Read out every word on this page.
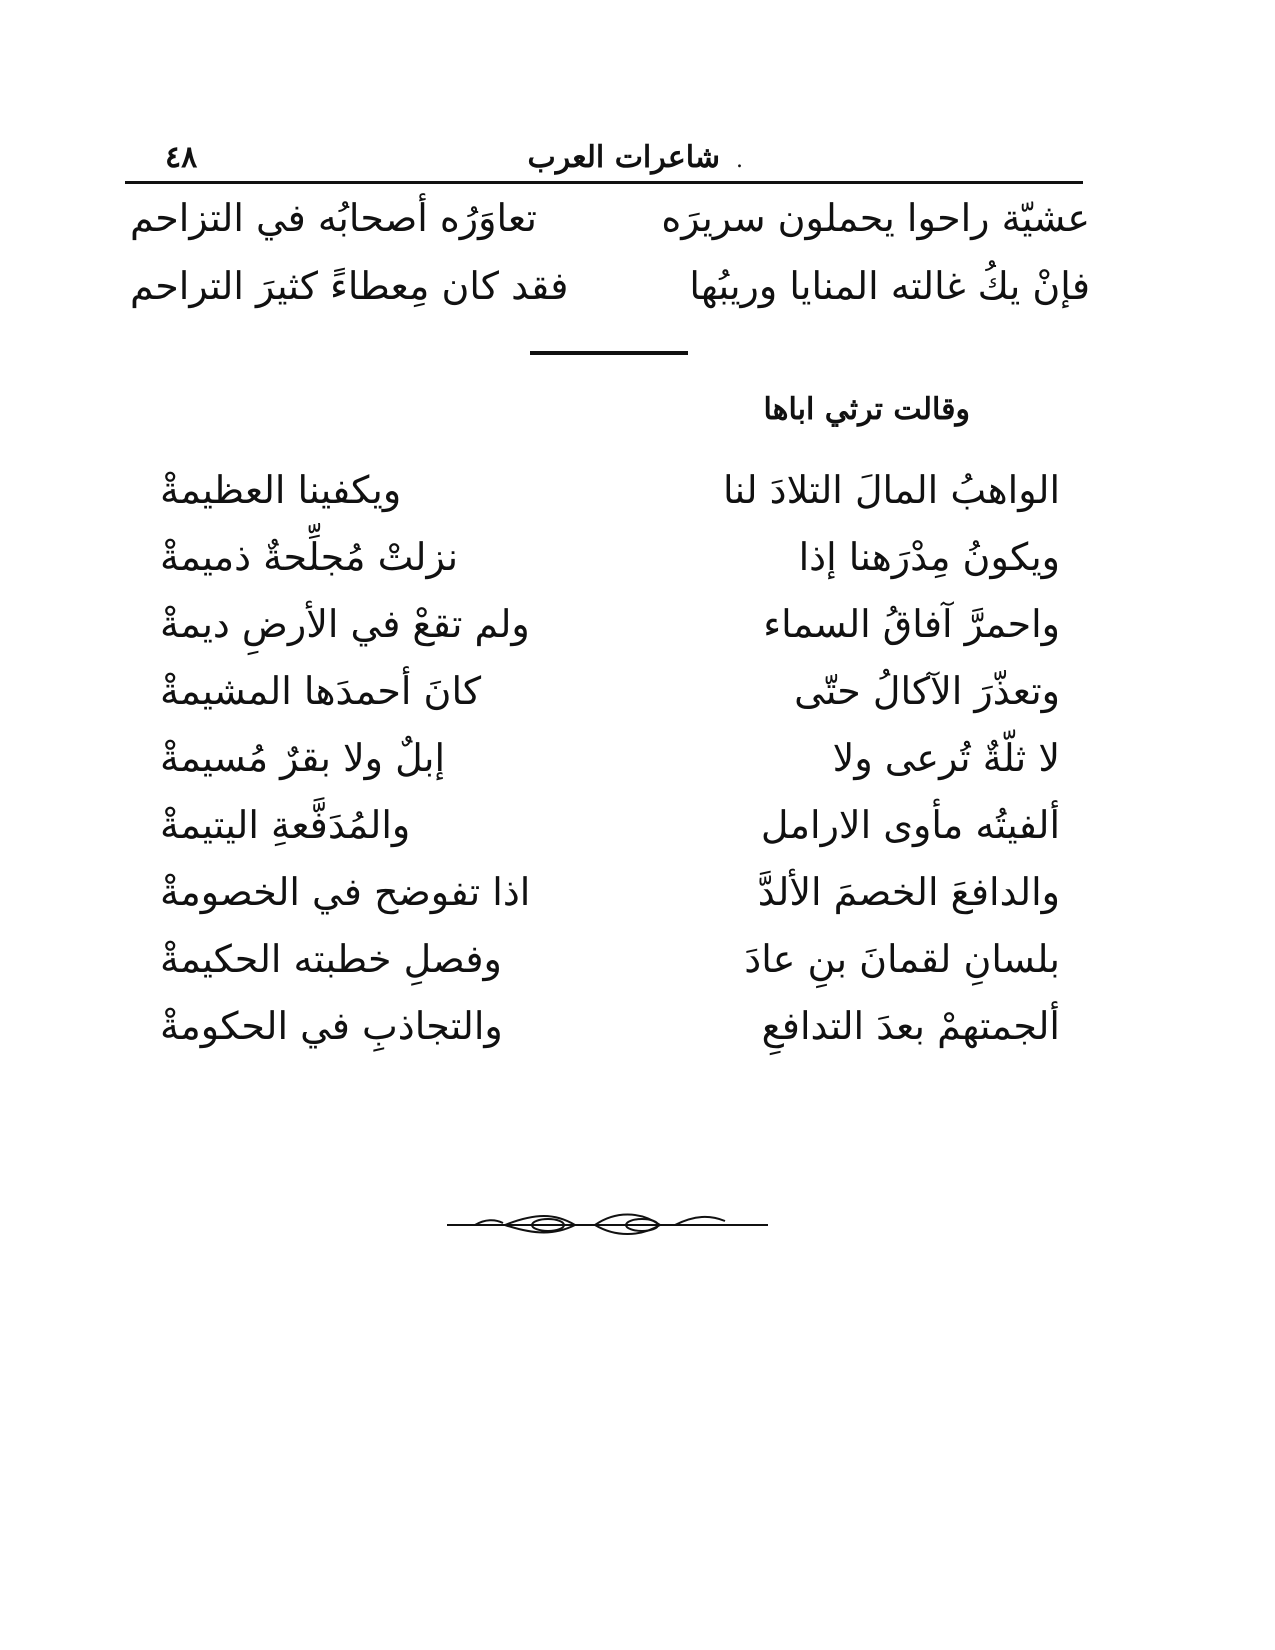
٤٨	.
شاعرات العرب
عشيّة راحوا يحملون سريرَه
تعاوَرُه أصحابُه في التزاحم
فإنْ يكُ غالته المنايا وريبُها
فقد كان مِعطاءً كثيرَ التراحم
وقالت ترثي اباها
الواهبُ المالَ التلادَ لنا
ويكفينا العظيمةْ
ويكونُ مِدْرَهنا إذا
نزلتْ مُجلِّحةٌ ذميمةْ
واحمرَّ آفاقُ السماء
ولم تقعْ في الأرضِ ديمةْ
وتعذّرَ الآكالُ حتّى
كانَ أحمدَها المشيمةْ
لا ثلّةٌ تُرعى ولا
إبلٌ ولا بقرٌ مُسيمةْ
ألفيتُه مأوى الارامل
والمُدَفَّعةِ اليتيمةْ
والدافعَ الخصمَ الألدَّ
اذا تفوضح في الخصومةْ
بلسانِ لقمانَ بنِ عادَ
وفصلِ خطبته الحكيمةْ
ألجمتهمْ بعدَ التدافعِ
والتجاذبِ في الحكومةْ
